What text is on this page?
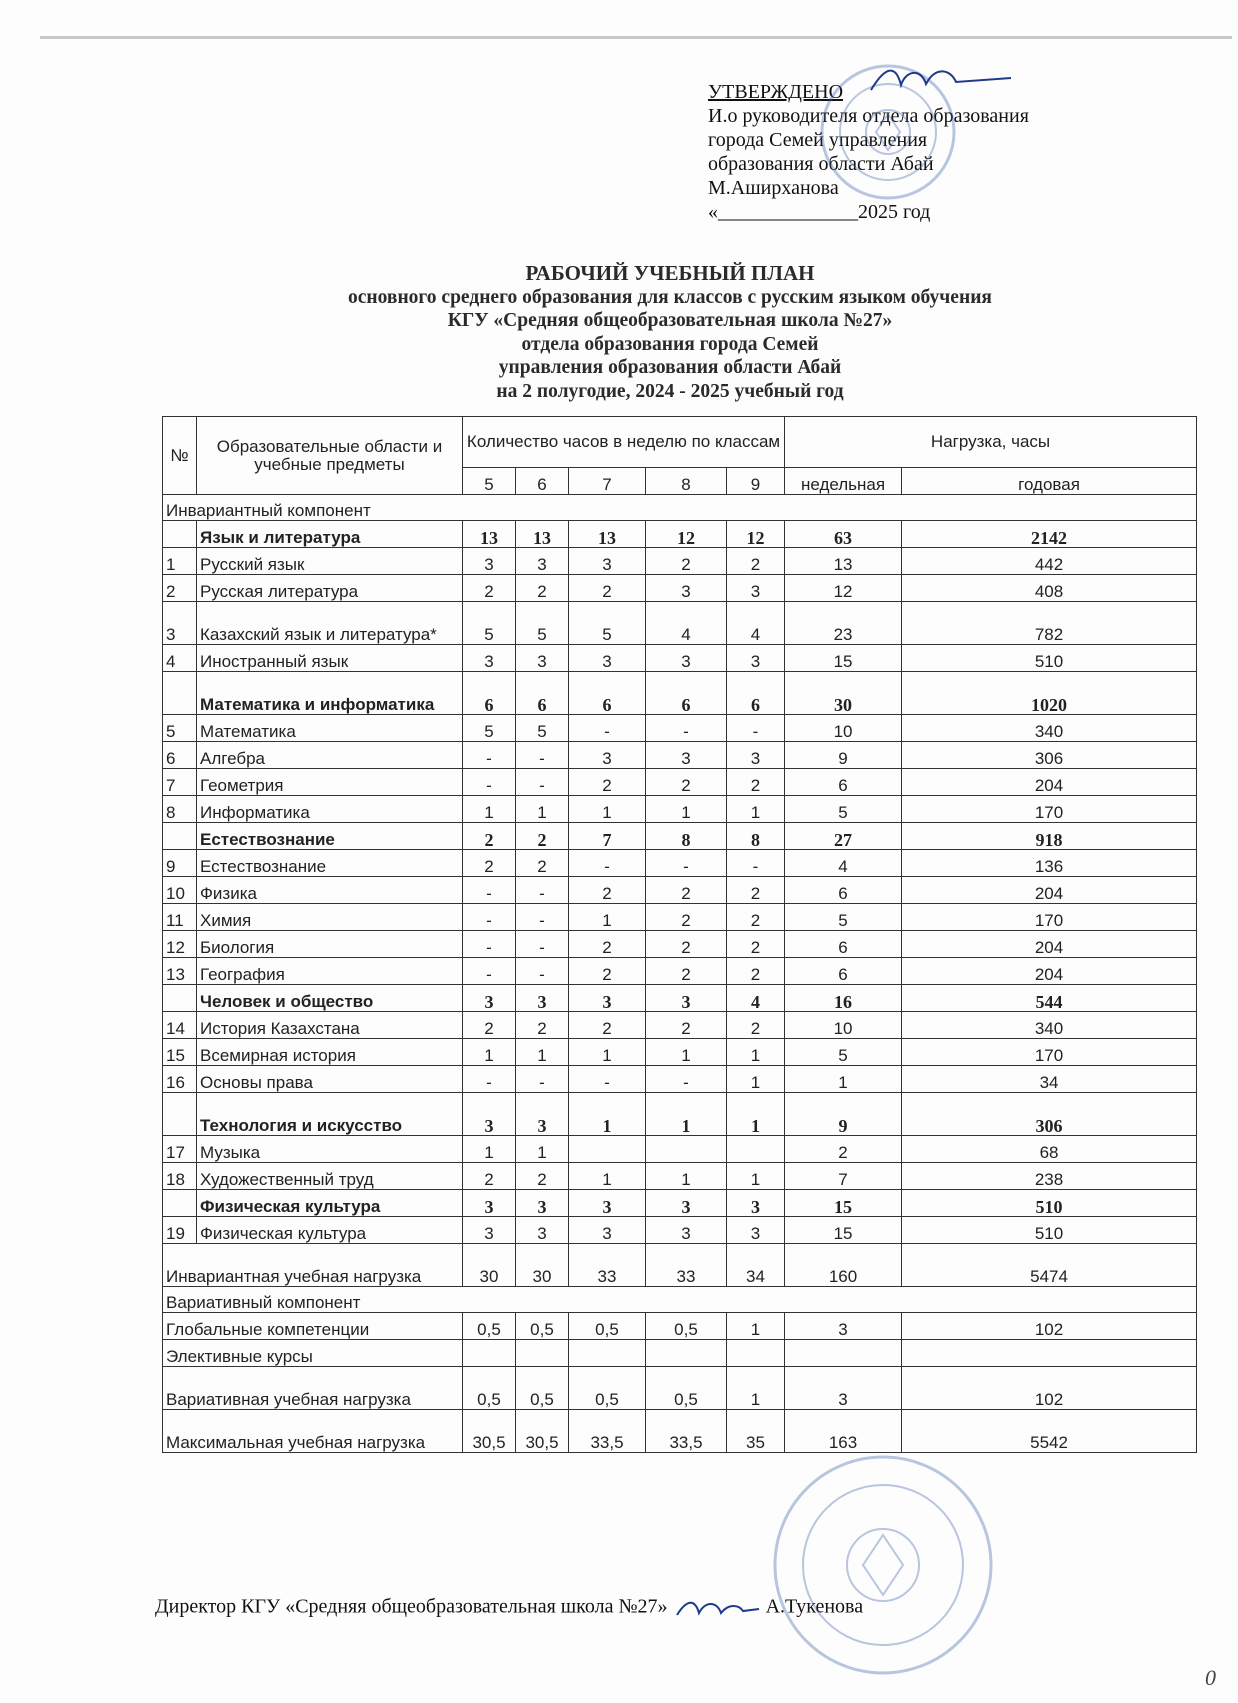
УТВЕРЖДЕНО
И.о руководителя отдела образования
города Семей управления
образования области Абай
М.Аширханова
«______________2025 год
РАБОЧИЙ УЧЕБНЫЙ ПЛАН
основного среднего образования для классов с русским языком обучения
КГУ «Средняя общеобразовательная школа №27»
отдела образования города Семей
управления образования области Абай
на 2 полугодие, 2024 - 2025 учебный год
№	Образовательные области и учебные предметы	Количество часов в неделю по классам					Нагрузка, часы	
		5	6	7	8	9	недельная	годовая
Инвариантный компонент								
	Язык и литература	13	13	13	12	12	63	2142
1	Русский язык	3	3	3	2	2	13	442
2	Русская литература	2	2	2	3	3	12	408
3	Казахский язык и литература*	5	5	5	4	4	23	782
4	Иностранный язык	3	3	3	3	3	15	510
	Математика и информатика	6	6	6	6	6	30	1020
5	Математика	5	5	-	-	-	10	340
6	Алгебра	-	-	3	3	3	9	306
7	Геометрия	-	-	2	2	2	6	204
8	Информатика	1	1	1	1	1	5	170
	Естествознание	2	2	7	8	8	27	918
9	Естествознание	2	2	-	-	-	4	136
10	Физика	-	-	2	2	2	6	204
11	Химия	-	-	1	2	2	5	170
12	Биология	-	-	2	2	2	6	204
13	География	-	-	2	2	2	6	204
	Человек и общество	3	3	3	3	4	16	544
14	История Казахстана	2	2	2	2	2	10	340
15	Всемирная история	1	1	1	1	1	5	170
16	Основы права	-	-	-	-	1	1	34
	Технология и искусство	3	3	1	1	1	9	306
17	Музыка	1	1				2	68
18	Художественный труд	2	2	1	1	1	7	238
	Физическая культура	3	3	3	3	3	15	510
19	Физическая культура	3	3	3	3	3	15	510
Инвариантная учебная нагрузка		30	30	33	33	34	160	5474
Вариативный компонент								
Глобальные компетенции		0,5	0,5	0,5	0,5	1	3	102
Элективные курсы								
Вариативная учебная нагрузка		0,5	0,5	0,5	0,5	1	3	102
Максимальная учебная нагрузка		30,5	30,5	33,5	33,5	35	163	5542
Директор КГУ «Средняя общеобразовательная школа №27»	А.Тукенова
0
